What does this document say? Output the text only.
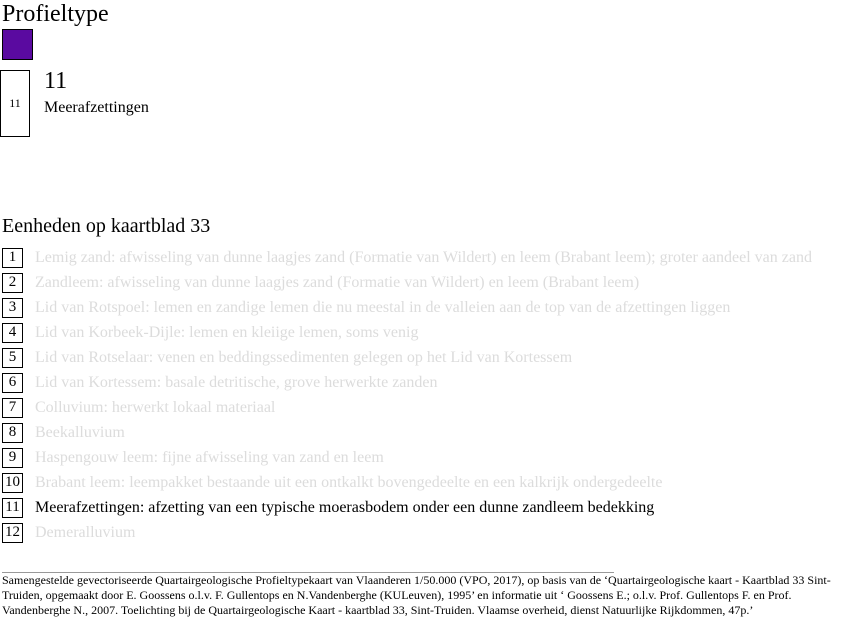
Profieltype
11
11
Meerafzettingen
Eenheden op kaartblad 33
1	Lemig zand: afwisseling van dunne laagjes zand (Formatie van Wildert) en leem (Brabant leem); groter aandeel van zand
2	Zandleem: afwisseling van dunne laagjes zand (Formatie van Wildert) en leem (Brabant leem)
3	Lid van Rotspoel: lemen en zandige lemen die nu meestal in de valleien aan de top van de afzettingen liggen
4	Lid van Korbeek-Dijle: lemen en kleiige lemen, soms venig
5	Lid van Rotselaar: venen en beddingssedimenten gelegen op het Lid van Kortessem
6	Lid van Kortessem: basale detritische, grove herwerkte zanden
7	Colluvium: herwerkt lokaal materiaal
8	Beekalluvium
9	Haspengouw leem: fijne afwisseling van zand en leem
10 Brabant leem: leempakket bestaande uit een ontkalkt bovengedeelte en een kalkrijk ondergedeelte
11 Meerafzettingen: afzetting van een typische moerasbodem onder een dunne zandleem bedekking
12 Demeralluvium
Samengestelde gevectoriseerde Quartairgeologische Profieltypekaart van Vlaanderen 1/50.000 (VPO, 2017), op basis van de ‘Quartairgeologische kaart - Kaartblad 33 Sint-Truiden, opgemaakt door E. Goossens o.l.v. F. Gullentops en N.Vandenberghe (KULeuven), 1995’ en informatie uit ‘ Goossens E.; o.l.v. Prof. Gullentops F. en Prof. Vandenberghe N., 2007. Toelichting bij de Quartairgeologische Kaart - kaartblad 33, Sint-Truiden. Vlaamse overheid, dienst Natuurlijke Rijkdommen, 47p.’
